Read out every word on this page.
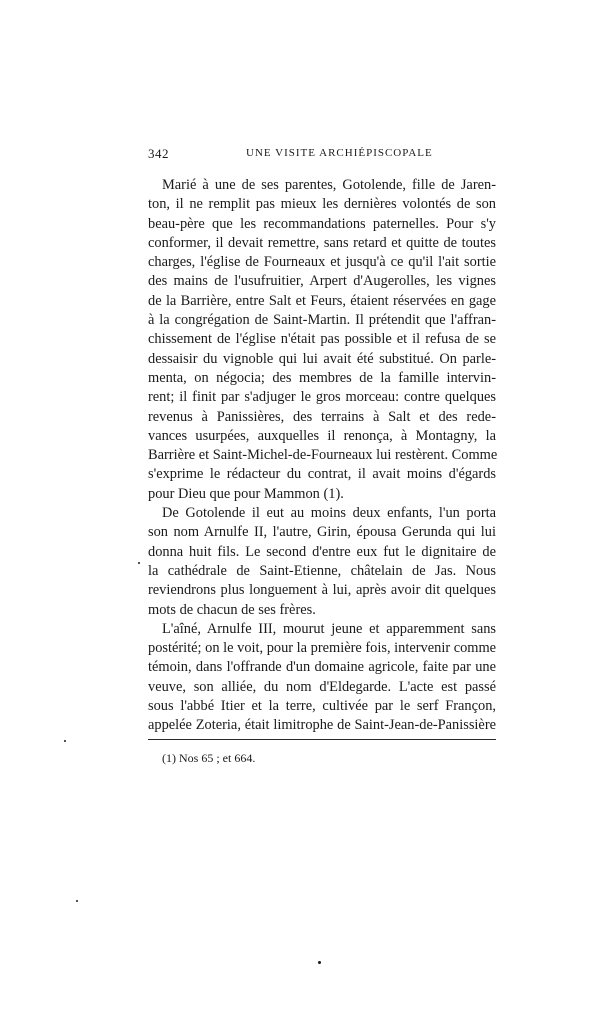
342	UNE VISITE ARCHIÉPISCOPALE
Marié à une de ses parentes, Gotolende, fille de Jaren-
ton, il ne remplit pas mieux les dernières volontés de son
beau-père que les recommandations paternelles. Pour s'y
conformer, il devait remettre, sans retard et quitte de toutes
charges, l'église de Fourneaux et jusqu'à ce qu'il l'ait sortie
des mains de l'usufruitier, Arpert d'Augerolles, les vignes
de la Barrière, entre Salt et Feurs, étaient réservées en gage
à la congrégation de Saint-Martin. Il prétendit que l'affran-
chissement de l'église n'était pas possible et il refusa de se
dessaisir du vignoble qui lui avait été substitué. On parle-
menta, on négocia; des membres de la famille intervin-
rent; il finit par s'adjuger le gros morceau: contre quelques
revenus à Panissières, des terrains à Salt et des rede-
vances usurpées, auxquelles il renonça, à Montagny, la
Barrière et Saint-Michel-de-Fourneaux lui restèrent. Comme
s'exprime le rédacteur du contrat, il avait moins d'égards
pour Dieu que pour Mammon (1).
De Gotolende il eut au moins deux enfants, l'un porta
son nom Arnulfe II, l'autre, Girin, épousa Gerunda qui lui
donna huit fils. Le second d'entre eux fut le dignitaire de
la cathédrale de Saint-Etienne, châtelain de Jas. Nous
reviendrons plus longuement à lui, après avoir dit quelques
mots de chacun de ses frères.
L'aîné, Arnulfe III, mourut jeune et apparemment sans
postérité; on le voit, pour la première fois, intervenir comme
témoin, dans l'offrande d'un domaine agricole, faite par une
veuve, son alliée, du nom d'Eldegarde. L'acte est passé
sous l'abbé Itier et la terre, cultivée par le serf Françon,
appelée Zoteria, était limitrophe de Saint-Jean-de-Panissière
(1) Nos 65 ; et 664.
